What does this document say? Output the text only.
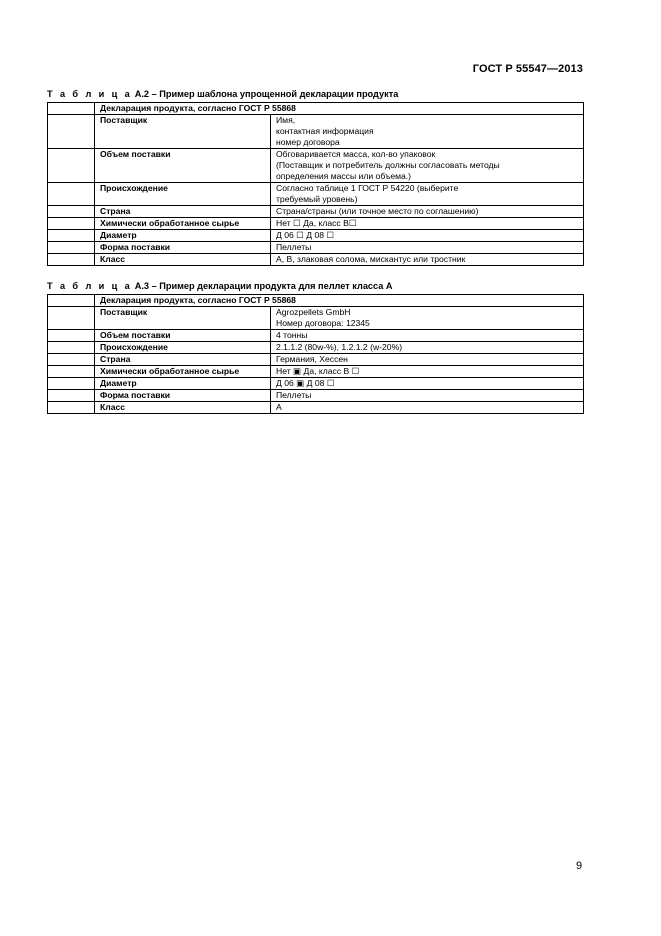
ГОСТ Р 55547—2013
Т а б л и ц а А.2 – Пример шаблона упрощенной декларации продукта
	Декларация продукта, согласно ГОСТ Р 55868	
	Поставщик	Имя,
контактная информация
номер договора

	Объем поставки	Обговаривается масса, кол-во упаковок
(Поставщик и потребитель должны согласовать методы
определения массы или объема.)

	Происхождение	Согласно таблице 1 ГОСТ Р 54220 (выберите
требуемый уровень)

	Страна	Страна/страны (или точное место по соглашению)

	Химически обработанное сырье	Нет ☐ Да, класс В☐

	Диаметр	Д 06 ☐ Д 08 ☐

	Форма поставки	Пеллеты

	Класс	А, В, злаковая солома, мискантус или тростник
Т а б л и ц а А.3 – Пример декларации продукта для пеллет класса А
	Декларация продукта, согласно ГОСТ Р 55868	
	Поставщик	Agrozpellets GmbH
Номер договора: 12345

	Объем поставки	4 тонны

	Происхождение	2.1.1.2 (80w-%), 1.2.1.2 (w-20%)

	Страна	Германия, Хессен

	Химически обработанное сырье	Нет ▣ Да, класс В ☐

	Диаметр	Д 06 ▣ Д 08 ☐

	Форма поставки	Пеллеты

	Класс	А
9
